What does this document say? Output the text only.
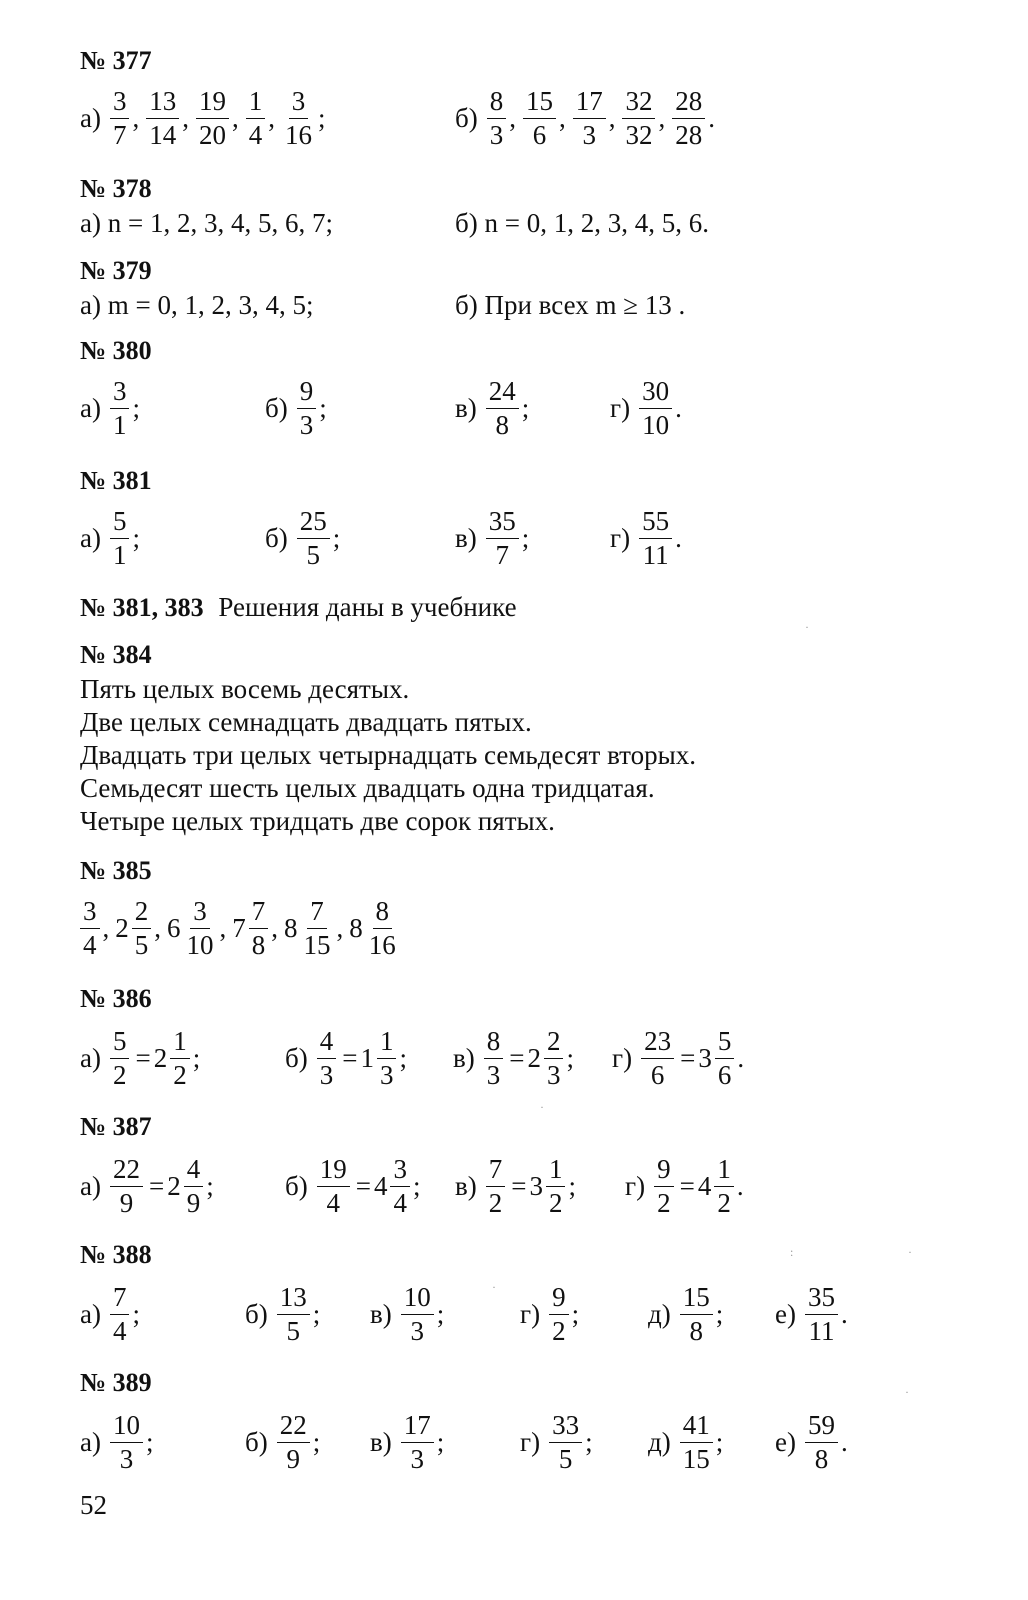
№ 377
$а) \frac{3}{7}$ , $\frac{13}{14}$ , $\frac{19}{20}$ , $\frac{1}{4}$ , $\frac{3}{16}$ ;	$б) \frac{8}{3}$ , $\frac{15}{6}$ , $\frac{17}{3}$ , $\frac{32}{32}$ , $\frac{28}{28}$ .
№ 378
а) n = 1, 2, 3, 4, 5, 6, 7;	б) n = 0, 1, 2, 3, 4, 5, 6.
№ 379
а) m = 0, 1, 2, 3, 4, 5;	б) При всех m ≥ 13 .
№ 380
$а) \frac{3}{1}$ ;	$б) \frac{9}{3}$ ;	$в) \frac{24}{8}$ ;	$г) \frac{30}{10}$ .
№ 381
$а) \frac{5}{1}$ ;	$б) \frac{25}{5}$ ;	$в) \frac{35}{7}$ ;	$г) \frac{55}{11}$ .
№ 381, 383 Решения даны в учебнике
№ 384
Пять целых восемь десятых.
Две целых семнадцать двадцать пятых.
Двадцать три целых четырнадцать семьдесят вторых.
Семьдесят шесть целых двадцать одна тридцатая.
Четыре целых тридцать две сорок пятых.
№ 385
$\frac{3}{4}$ , $2 \frac{2}{5}$ , $6 \frac{3}{10}$ , $7 \frac{7}{8}$ , $8 \frac{7}{15}$ , $8 \frac{8}{16}$
№ 386
$а) \frac{5}{2} = 2 \frac{1}{2}$ ;	$б) \frac{4}{3} = 1 \frac{1}{3}$ ; $в) \frac{8}{3} = 2 \frac{2}{3}$ ; $г) \frac{23}{6} = 3 \frac{5}{6}$ .
№ 387
$а) \frac{22}{9} = 2 \frac{4}{9}$ ;	$б) \frac{19}{4} = 4 \frac{3}{4}$ ; $в) \frac{7}{2} = 3 \frac{1}{2}$ ; $г) \frac{9}{2} = 4 \frac{1}{2}$ .
№ 388
$а) \frac{7}{4}$ ;	$б) \frac{13}{5}$ ; $в) \frac{10}{3}$ ;	$г) \frac{9}{2}$ ;	$д) \frac{15}{8}$ ; $е) \frac{35}{11}$ .
№ 389
$а) \frac{10}{3}$ ;	$б) \frac{22}{9}$ ; $в) \frac{17}{3}$ ;	$г) \frac{33}{5}$ ; $д) \frac{41}{15}$ ; $е) \frac{59}{8}$ .
52
·
·
:	·
·
·
